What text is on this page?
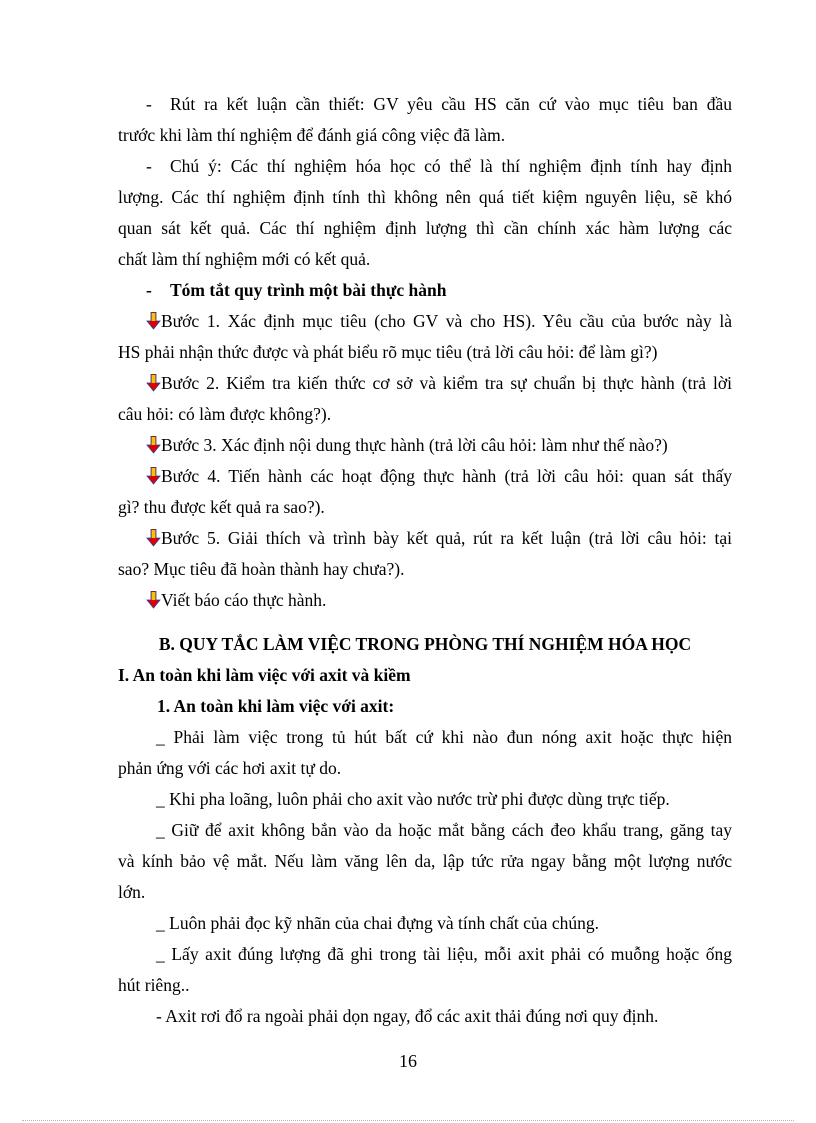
- Rút ra kết luận cần thiết: GV yêu cầu HS căn cứ vào mục tiêu ban đầu
trước khi làm thí nghiệm để đánh giá công việc đã làm.
- Chú ý: Các thí nghiệm hóa học có thể là thí nghiệm định tính hay định
lượng. Các thí nghiệm định tính thì không nên quá tiết kiệm nguyên liệu, sẽ khó
quan sát kết quả. Các thí nghiệm định lượng thì cần chính xác hàm lượng các
chất làm thí nghiệm mới có kết quả.
- Tóm tắt quy trình một bài thực hành
Bước 1. Xác định mục tiêu (cho GV và cho HS). Yêu cầu của bước này là
HS phải nhận thức được và phát biểu rõ mục tiêu (trả lời câu hỏi: để làm gì?)
Bước 2. Kiểm tra kiến thức cơ sở và kiểm tra sự chuẩn bị thực hành (trả lời
câu hỏi: có làm được không?).
Bước 3. Xác định nội dung thực hành (trả lời câu hỏi: làm như thế nào?)
Bước 4. Tiến hành các hoạt động thực hành (trả lời câu hỏi: quan sát thấy
gì? thu được kết quả ra sao?).
Bước 5. Giải thích và trình bày kết quả, rút ra kết luận (trả lời câu hỏi: tại
sao? Mục tiêu đã hoàn thành hay chưa?).
Viết báo cáo thực hành.
B. QUY TẮC LÀM VIỆC TRONG PHÒNG THÍ NGHIỆM HÓA HỌC
I. An toàn khi làm việc với axit và kiềm
1. An toàn khi làm việc với axit:
_ Phải làm việc trong tủ hút bất cứ khi nào đun nóng axit hoặc thực hiện
phản ứng với các hơi axit tự do.
_ Khi pha loãng, luôn phải cho axit vào nước trừ phi được dùng trực tiếp.
_ Giữ để axit không bắn vào da hoặc mắt bằng cách đeo khẩu trang, găng tay
và kính bảo vệ mắt. Nếu làm văng lên da, lập tức rửa ngay bằng một lượng nước
lớn.
_ Luôn phải đọc kỹ nhãn của chai đựng và tính chất của chúng.
_ Lấy axit đúng lượng đã ghi trong tài liệu, mỗi axit phải có muỗng hoặc ống
hút riêng..
- Axit rơi đổ ra ngoài phải dọn ngay, đổ các axit thải đúng nơi quy định.
16
